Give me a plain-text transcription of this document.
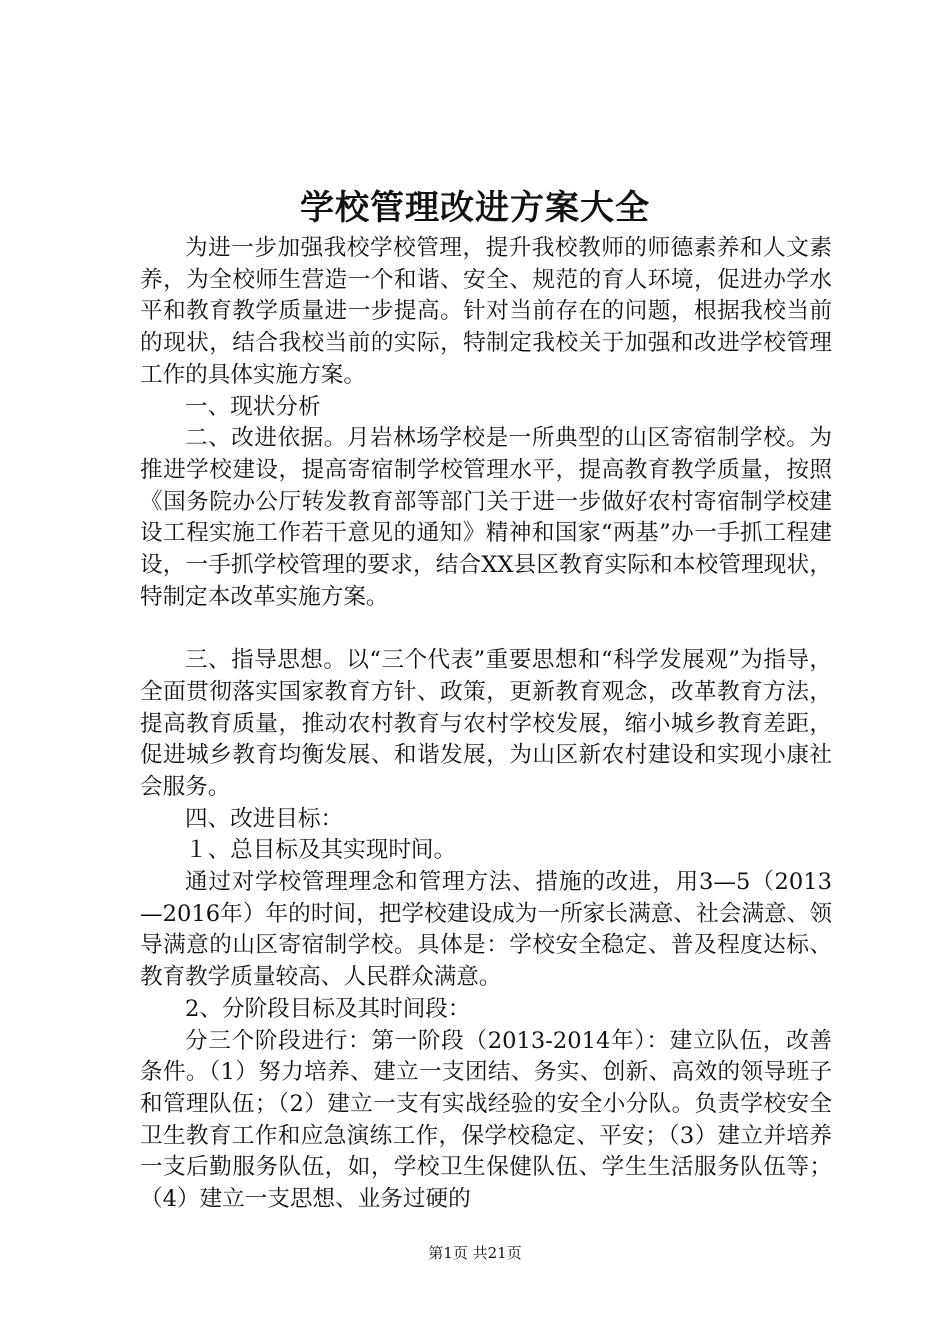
学校管理改进方案大全

为进一步加强我校学校管理，提升我校教师的师德素养和人文素养，为全校师生营造一个和谐、安全、规范的育人环境，促进办学水平和教育教学质量进一步提高。针对当前存在的问题，根据我校当前的现状，结合我校当前的实际，特制定我校关于加强和改进学校管理工作的具体实施方案。

一、现状分析

二、改进依据。月岩林场学校是一所典型的山区寄宿制学校。为推进学校建设，提高寄宿制学校管理水平，提高教育教学质量，按照《国务院办公厅转发教育部等部门关于进一步做好农村寄宿制学校建设工程实施工作若干意见的通知》精神和国家“两基”办一手抓工程建设，一手抓学校管理的要求，结合XX县区教育实际和本校管理现状，特制定本改革实施方案。

三、指导思想。以“三个代表”重要思想和“科学发展观”为指导，全面贯彻落实国家教育方针、政策，更新教育观念，改革教育方法，提高教育质量，推动农村教育与农村学校发展，缩小城乡教育差距，促进城乡教育均衡发展、和谐发展，为山区新农村建设和实现小康社会服务。

四、改进目标：

１、总目标及其实现时间。

通过对学校管理理念和管理方法、措施的改进，用3—5（2013—2016年）年的时间，把学校建设成为一所家长满意、社会满意、领导满意的山区寄宿制学校。具体是：学校安全稳定、普及程度达标、教育教学质量较高、人民群众满意。

2、分阶段目标及其时间段：

分三个阶段进行：第一阶段（2013-2014年）：建立队伍，改善条件。（1）努力培养、建立一支团结、务实、创新、高效的领导班子和管理队伍；（2）建立一支有实战经验的安全小分队。负责学校安全卫生教育工作和应急演练工作，保学校稳定、平安；（3）建立并培养一支后勤服务队伍，如，学校卫生保健队伍、学生生活服务队伍等；（4）建立一支思想、业务过硬的

第1页 共21页
